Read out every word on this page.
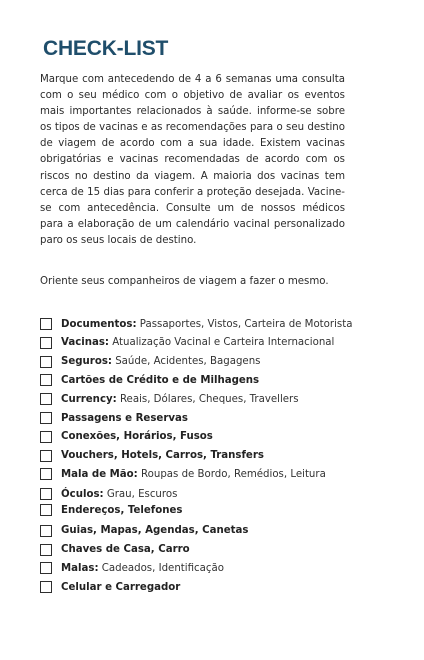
CHECK-LIST

Marque com antecedendo de 4 a 6 semanas uma consulta com o seu médico com o objetivo de avaliar os eventos mais importantes relacionados à saúde. informe-se sobre os tipos de vacinas e as recomendações para o seu destino de viagem de acordo com a sua idade. Existem vacinas obrigatórias e vacinas recomendadas de acordo com os riscos no destino da viagem. A maioria dos vacinas tem cerca de 15 dias para conferir a proteção desejada. Vacine-se com antecedência. Consulte um de nossos médicos para a elaboração de um calendário vacinal personalizado paro os seus locais de destino.

Oriente seus companheiros de viagem a fazer o mesmo.

Documentos: Passaportes, Vistos, Carteira de Motorista
Vacinas: Atualização Vacinal e Carteira Internacional
Seguros: Saúde, Acidentes, Bagagens
Cartões de Crédito e de Milhagens
Currency: Reais, Dólares, Cheques, Travellers
Passagens e Reservas
Conexões, Horários, Fusos
Vouchers, Hotels, Carros, Transfers
Mala de Mão: Roupas de Bordo, Remédios, Leitura
Óculos: Grau, Escuros
Endereços, Telefones
Guias, Mapas, Agendas, Canetas
Chaves de Casa, Carro
Malas: Cadeados, Identificação
Celular e Carregador
